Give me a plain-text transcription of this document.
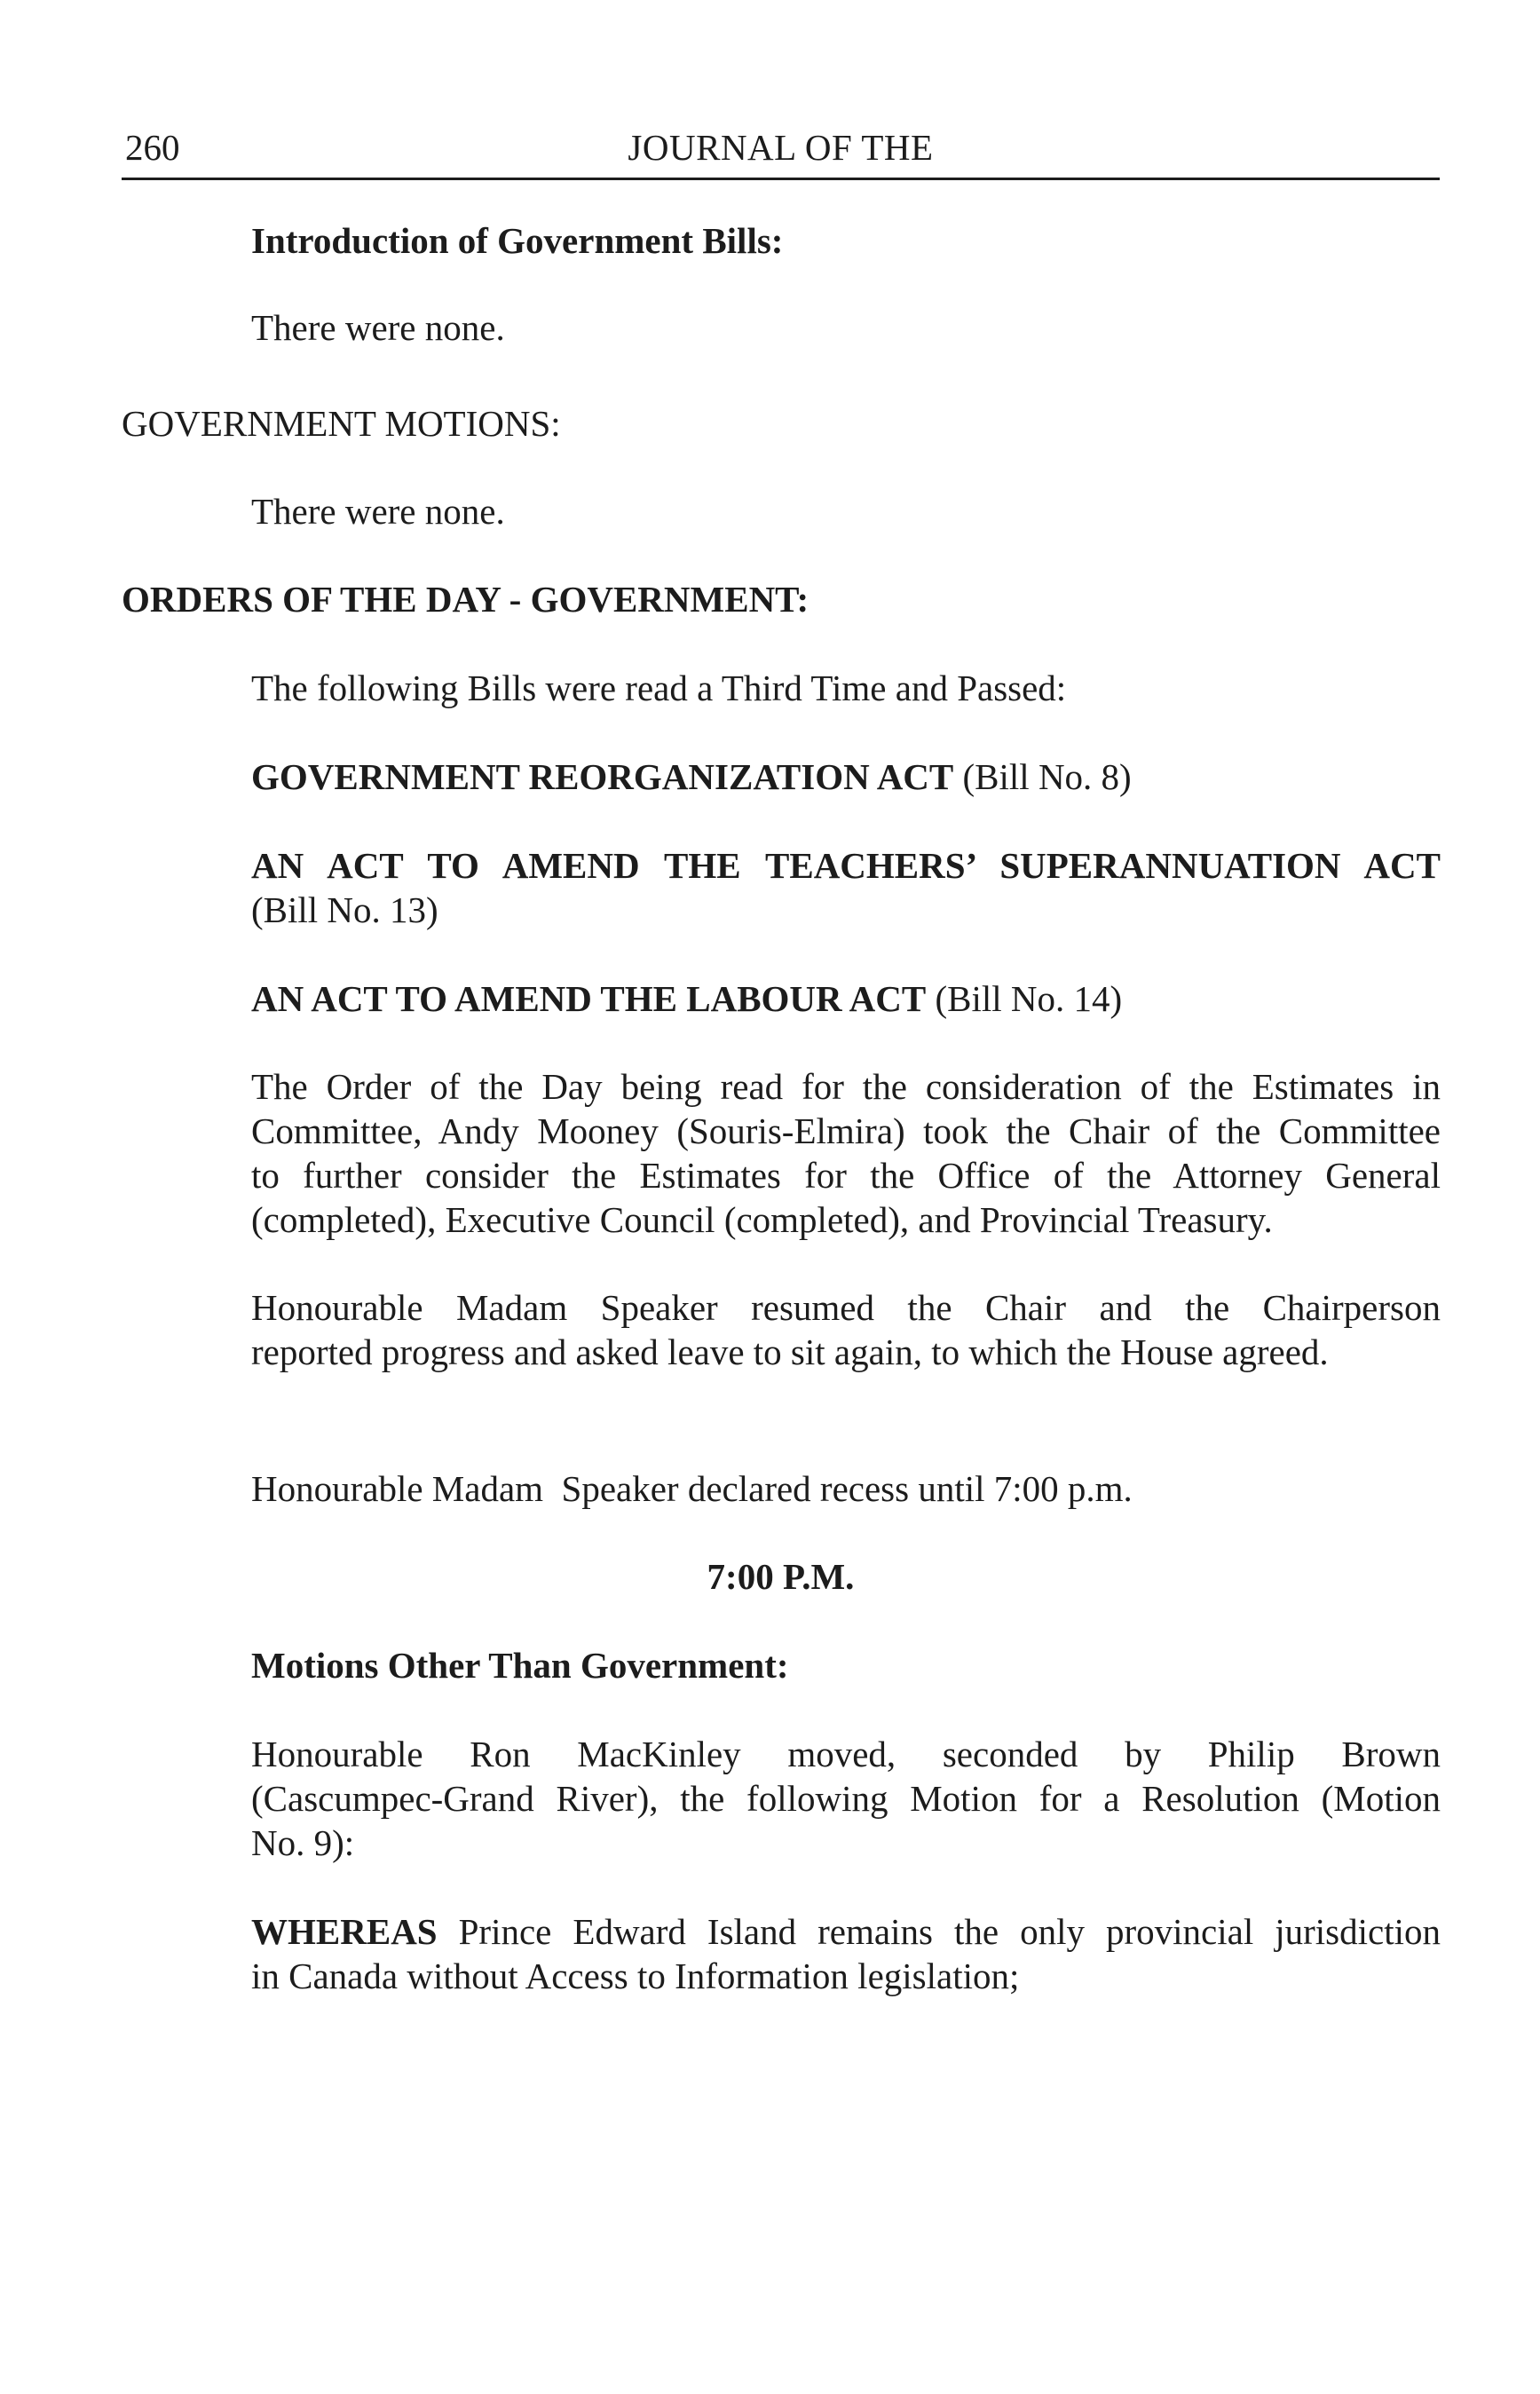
260	JOURNAL OF THE

Introduction of Government Bills:

There were none.

GOVERNMENT MOTIONS:

There were none.

ORDERS OF THE DAY - GOVERNMENT:

The following Bills were read a Third Time and Passed:

GOVERNMENT REORGANIZATION ACT (Bill No. 8)

AN ACT TO AMEND THE TEACHERS’ SUPERANNUATION ACT
(Bill No. 13)

AN ACT TO AMEND THE LABOUR ACT (Bill No. 14)

The Order of the Day being read for the consideration of the Estimates in
Committee, Andy Mooney (Souris-Elmira) took the Chair of the Committee
to further consider the Estimates for the Office of the Attorney General
(completed), Executive Council (completed), and Provincial Treasury.
Honourable Madam Speaker resumed the Chair and the Chairperson
reported progress and asked leave to sit again, to which the House agreed.

Honourable Madam  Speaker declared recess until 7:00 p.m.

7:00 P.M.

Motions Other Than Government:

Honourable Ron MacKinley moved, seconded by Philip Brown
(Cascumpec-Grand River), the following Motion for a Resolution (Motion
No. 9):
WHEREAS Prince Edward Island remains the only provincial jurisdiction
in Canada without Access to Information legislation;
